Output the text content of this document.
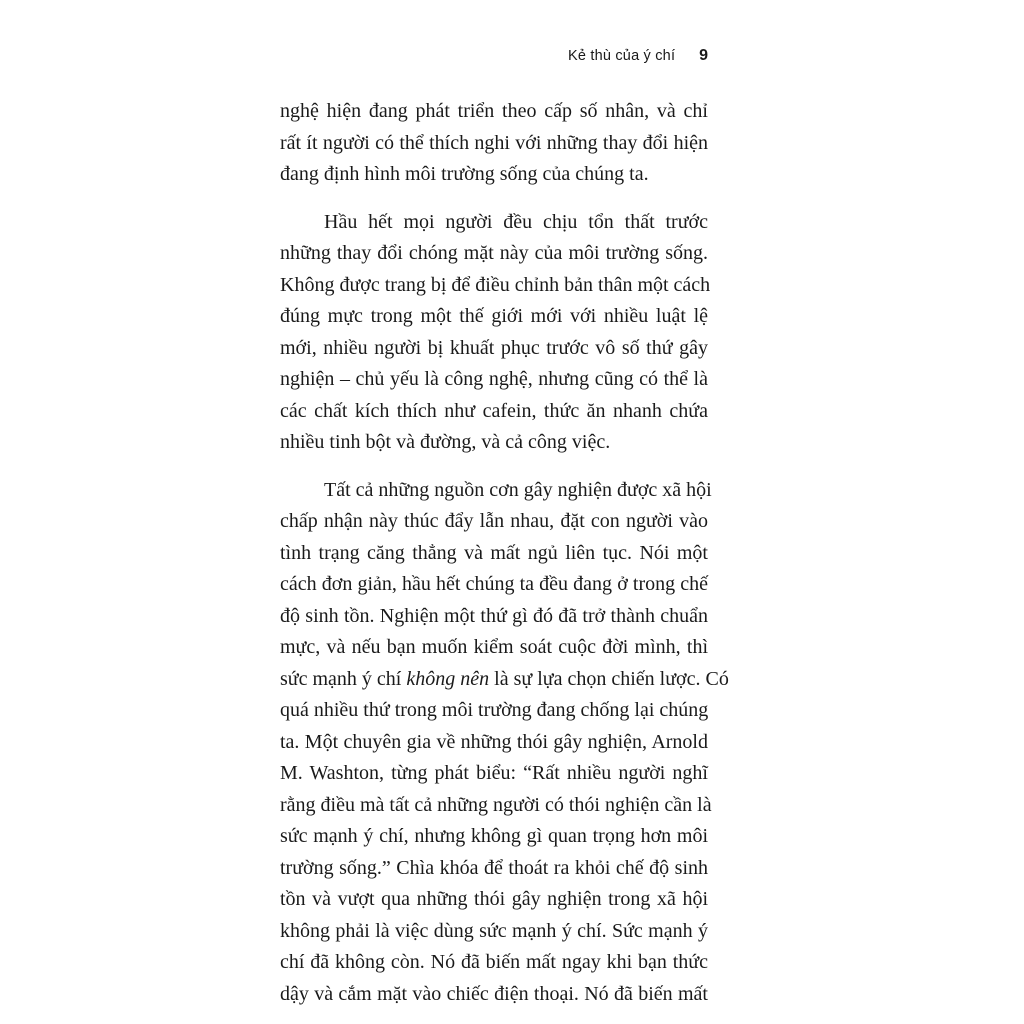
Kẻ thù của ý chí 9
nghệ hiện đang phát triển theo cấp số nhân, và chỉ
rất ít người có thể thích nghi với những thay đổi hiện
đang định hình môi trường sống của chúng ta.
Hầu hết mọi người đều chịu tổn thất trước
những thay đổi chóng mặt này của môi trường sống.
Không được trang bị để điều chỉnh bản thân một cách
đúng mực trong một thế giới mới với nhiều luật lệ
mới, nhiều người bị khuất phục trước vô số thứ gây
nghiện – chủ yếu là công nghệ, nhưng cũng có thể là
các chất kích thích như cafein, thức ăn nhanh chứa
nhiều tinh bột và đường, và cả công việc.
Tất cả những nguồn cơn gây nghiện được xã hội
chấp nhận này thúc đẩy lẫn nhau, đặt con người vào
tình trạng căng thẳng và mất ngủ liên tục. Nói một
cách đơn giản, hầu hết chúng ta đều đang ở trong chế
độ sinh tồn. Nghiện một thứ gì đó đã trở thành chuẩn
mực, và nếu bạn muốn kiểm soát cuộc đời mình, thì
sức mạnh ý chí không nên là sự lựa chọn chiến lược. Có
quá nhiều thứ trong môi trường đang chống lại chúng
ta. Một chuyên gia về những thói gây nghiện, Arnold
M. Washton, từng phát biểu: “Rất nhiều người nghĩ
rằng điều mà tất cả những người có thói nghiện cần là
sức mạnh ý chí, nhưng không gì quan trọng hơn môi
trường sống.” Chìa khóa để thoát ra khỏi chế độ sinh
tồn và vượt qua những thói gây nghiện trong xã hội
không phải là việc dùng sức mạnh ý chí. Sức mạnh ý
chí đã không còn. Nó đã biến mất ngay khi bạn thức
dậy và cắm mặt vào chiếc điện thoại. Nó đã biến mất
